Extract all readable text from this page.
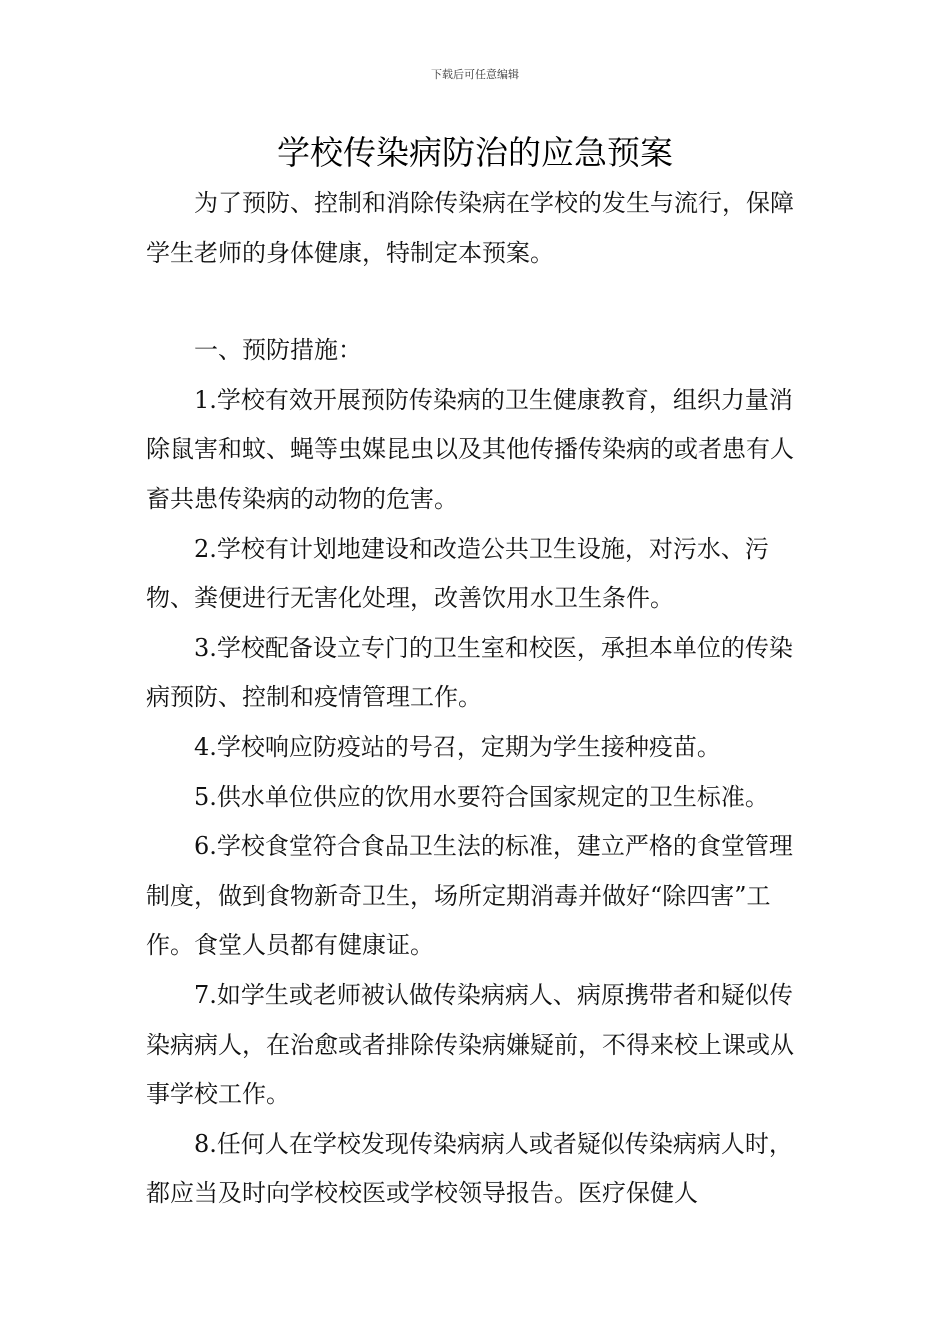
下载后可任意编辑
学校传染病防治的应急预案

为了预防、控制和消除传染病在学校的发生与流行，保障学生老师的身体健康，特制定本预案。

一、预防措施：

1.学校有效开展预防传染病的卫生健康教育，组织力量消除鼠害和蚊、蝇等虫媒昆虫以及其他传播传染病的或者患有人畜共患传染病的动物的危害。

2.学校有计划地建设和改造公共卫生设施，对污水、污物、粪便进行无害化处理，改善饮用水卫生条件。

3.学校配备设立专门的卫生室和校医，承担本单位的传染病预防、控制和疫情管理工作。

4.学校响应防疫站的号召，定期为学生接种疫苗。

5.供水单位供应的饮用水要符合国家规定的卫生标准。

6.学校食堂符合食品卫生法的标准，建立严格的食堂管理制度，做到食物新奇卫生，场所定期消毒并做好“除四害”工作。食堂人员都有健康证。

7.如学生或老师被认做传染病病人、病原携带者和疑似传染病病人，在治愈或者排除传染病嫌疑前，不得来校上课或从事学校工作。

8.任何人在学校发现传染病病人或者疑似传染病病人时，都应当及时向学校校医或学校领导报告。医疗保健人
